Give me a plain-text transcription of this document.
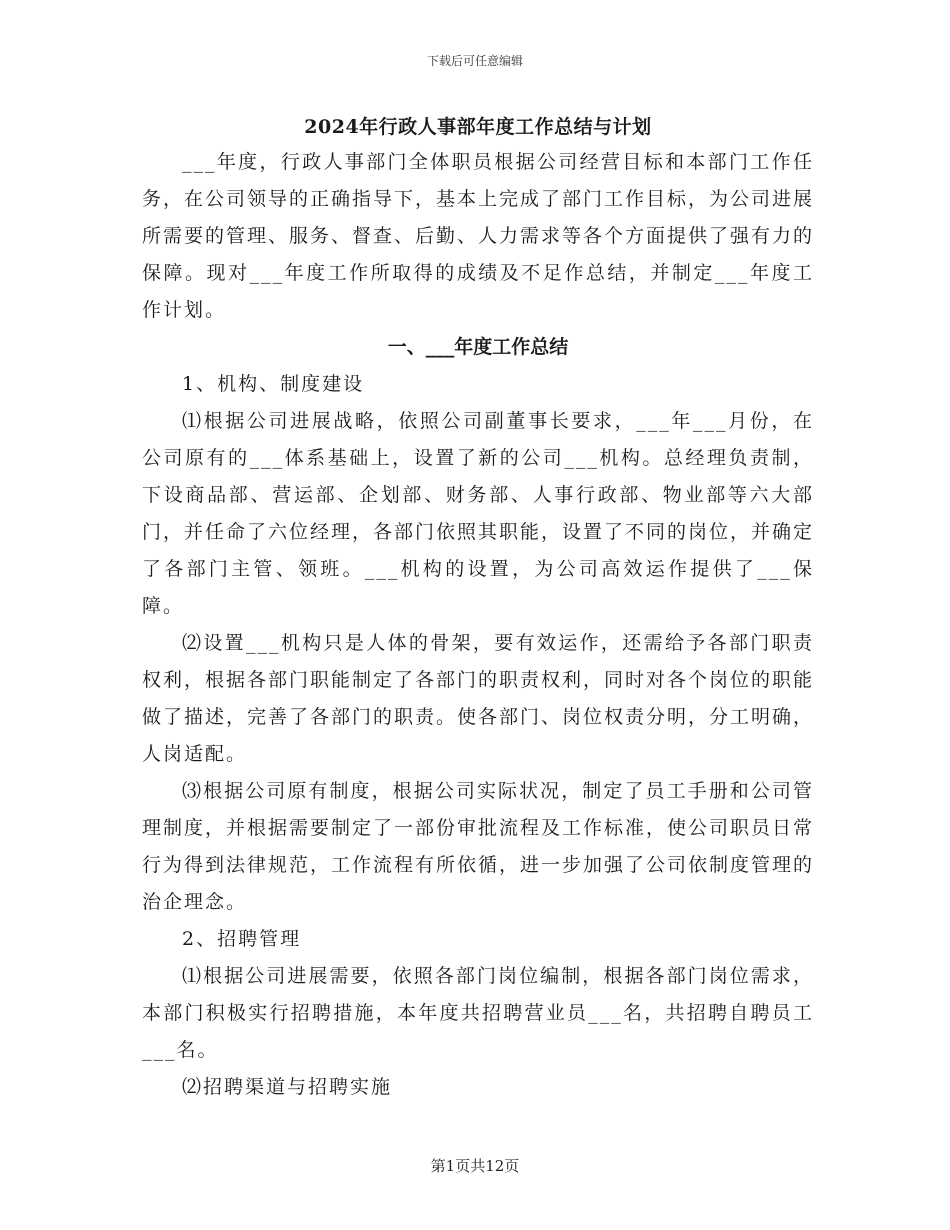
下载后可任意编辑
2024年行政人事部年度工作总结与计划

___年度，行政人事部门全体职员根据公司经营目标和本部门工作任务，在公司领导的正确指导下，基本上完成了部门工作目标，为公司进展所需要的管理、服务、督查、后勤、人力需求等各个方面提供了强有力的保障。现对___年度工作所取得的成绩及不足作总结，并制定___年度工作计划。

一、___年度工作总结

1、机构、制度建设

⑴根据公司进展战略，依照公司副董事长要求，___年___月份，在公司原有的___体系基础上，设置了新的公司___机构。总经理负责制，下设商品部、营运部、企划部、财务部、人事行政部、物业部等六大部门，并任命了六位经理，各部门依照其职能，设置了不同的岗位，并确定了各部门主管、领班。___机构的设置，为公司高效运作提供了___保障。

⑵设置___机构只是人体的骨架，要有效运作，还需给予各部门职责权利，根据各部门职能制定了各部门的职责权利，同时对各个岗位的职能做了描述，完善了各部门的职责。使各部门、岗位权责分明，分工明确，人岗适配。

⑶根据公司原有制度，根据公司实际状况，制定了员工手册和公司管理制度，并根据需要制定了一部份审批流程及工作标准，使公司职员日常行为得到法律规范，工作流程有所依循，进一步加强了公司依制度管理的治企理念。

2、招聘管理

⑴根据公司进展需要，依照各部门岗位编制，根据各部门岗位需求，本部门积极实行招聘措施，本年度共招聘营业员___名，共招聘自聘员工___名。

⑵招聘渠道与招聘实施

第1页共12页
